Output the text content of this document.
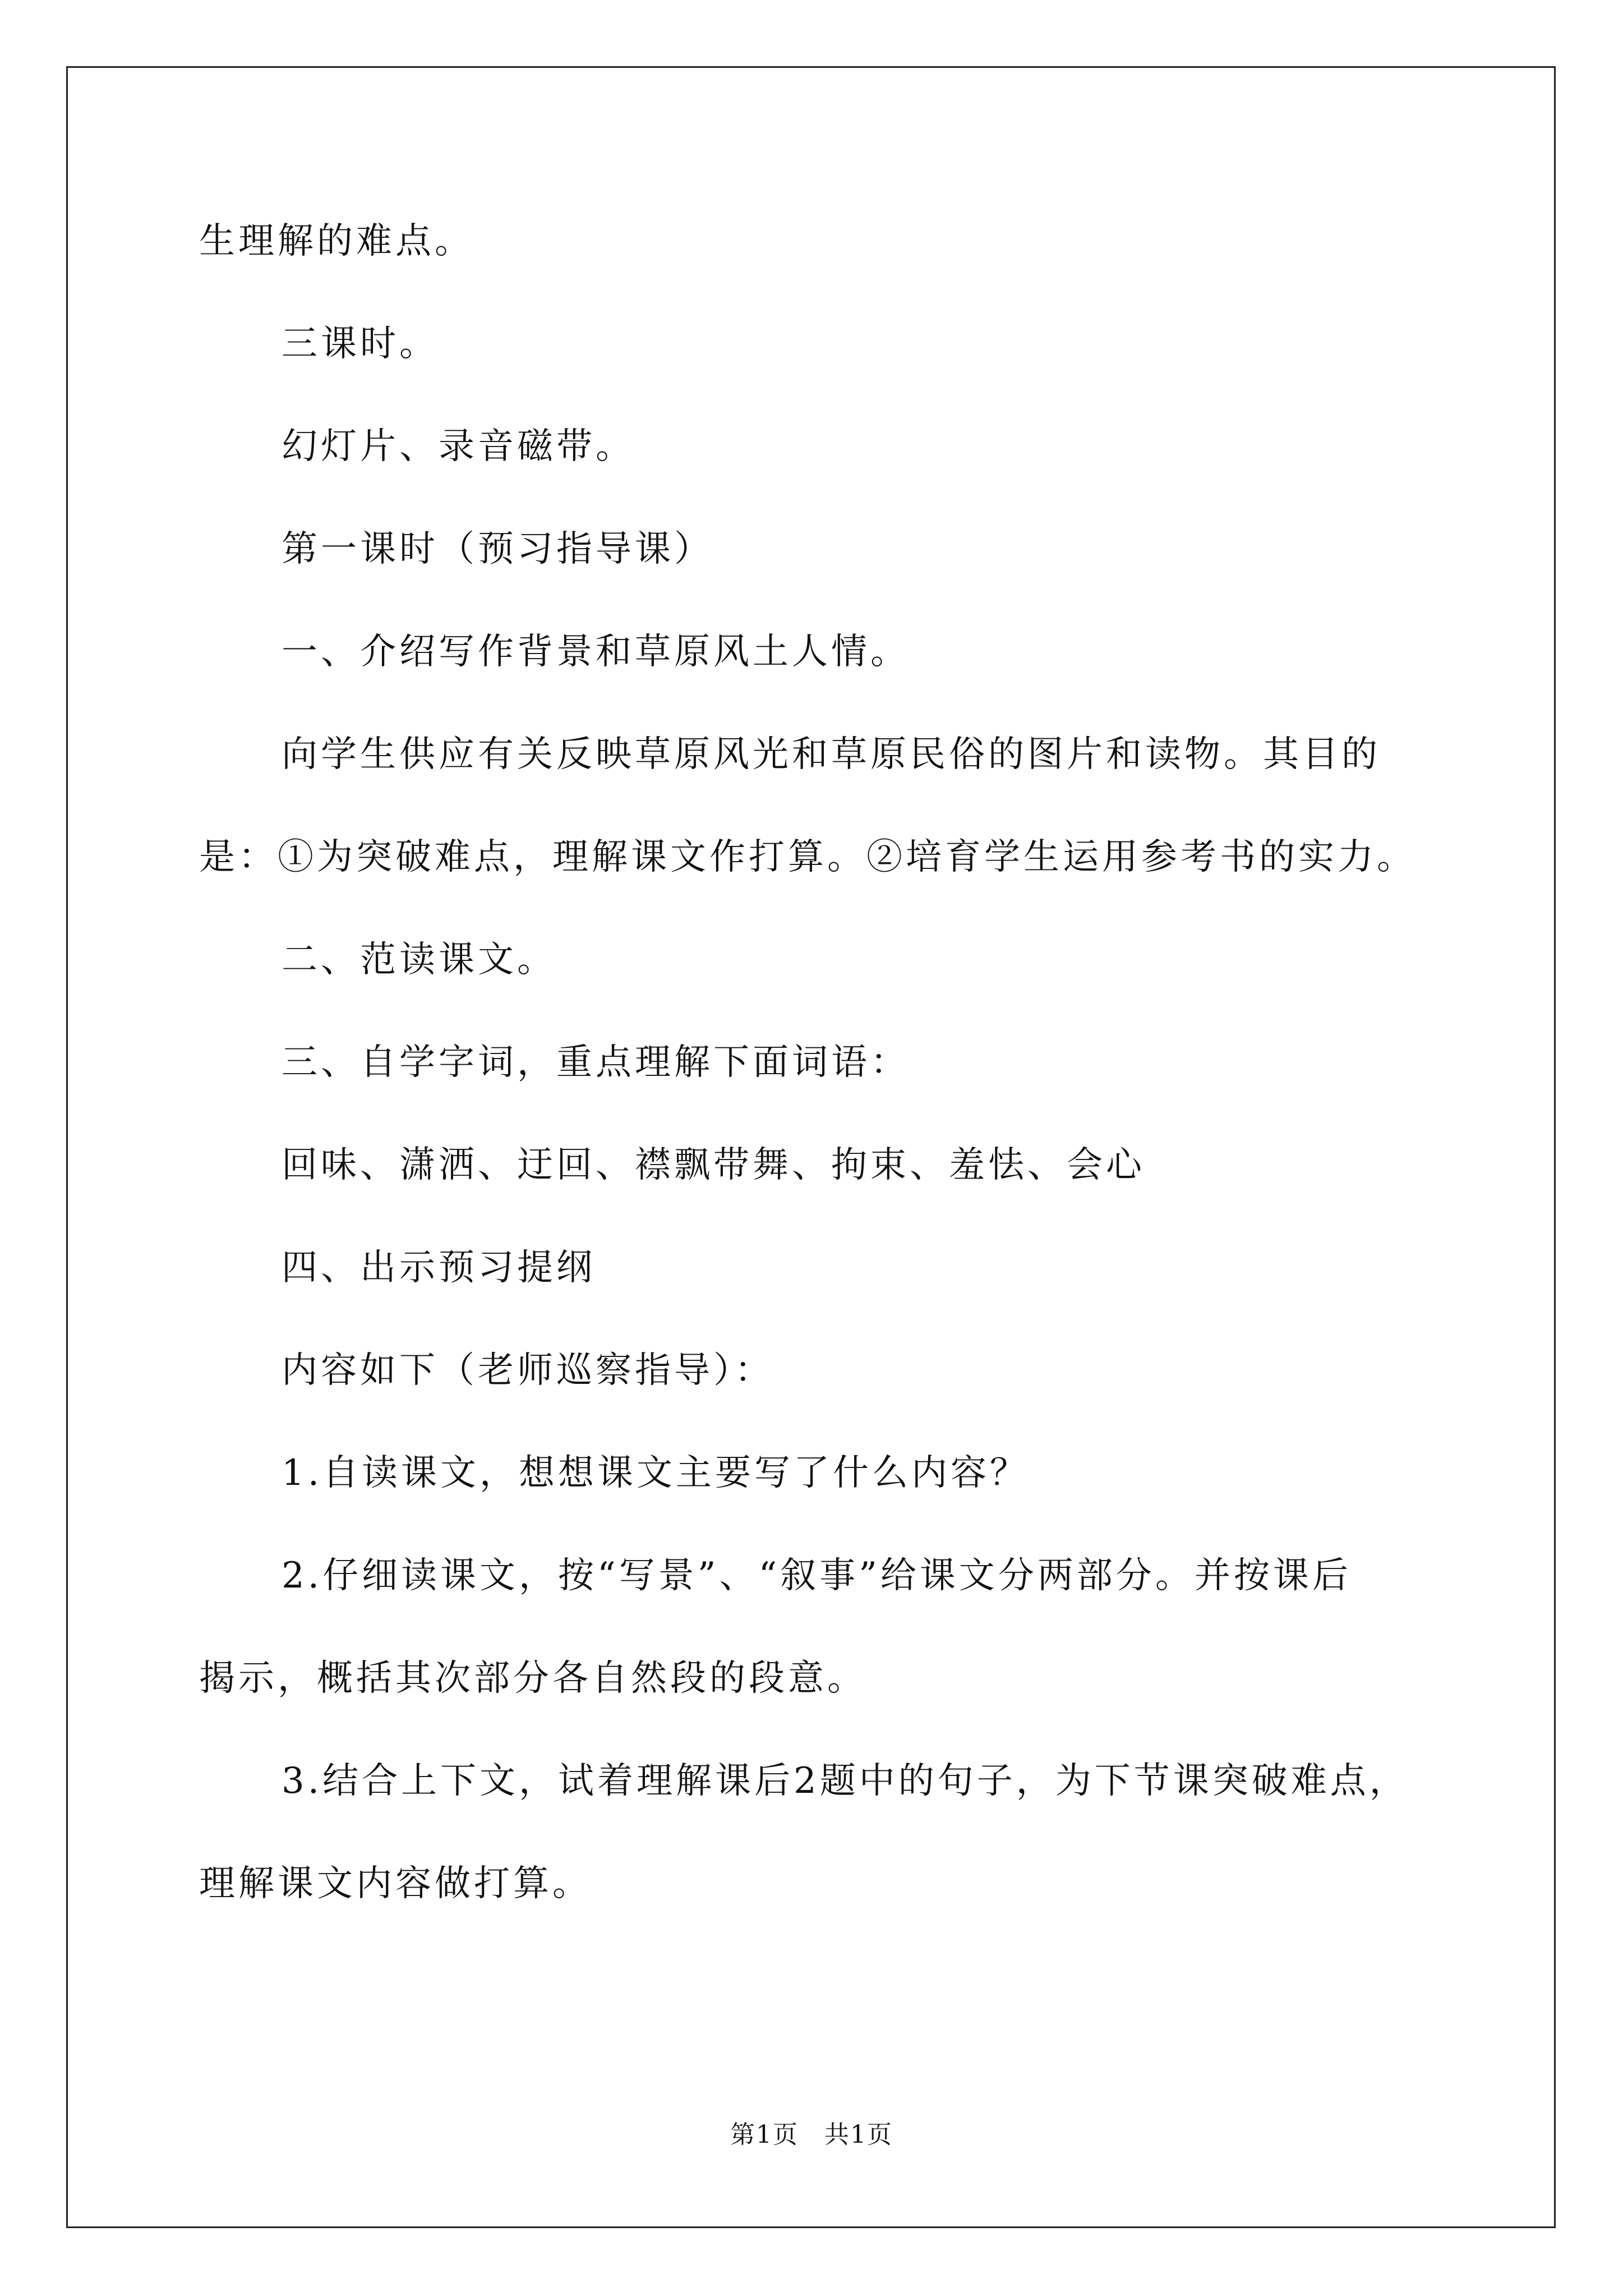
生理解的难点。
三课时。
幻灯片、录音磁带。
第一课时（预习指导课）
一、介绍写作背景和草原风土人情。
向学生供应有关反映草原风光和草原民俗的图片和读物。其目的
是：①为突破难点，理解课文作打算。②培育学生运用参考书的实力。
二、范读课文。
三、自学字词，重点理解下面词语：
回味、潇洒、迂回、襟飘带舞、拘束、羞怯、会心
四、出示预习提纲
内容如下（老师巡察指导）：
1.自读课文，想想课文主要写了什么内容？
2.仔细读课文，按“写景”、“叙事”给课文分两部分。并按课后
揭示，概括其次部分各自然段的段意。
3.结合上下文，试着理解课后2题中的句子，为下节课突破难点，
理解课文内容做打算。
第1页　共1页
